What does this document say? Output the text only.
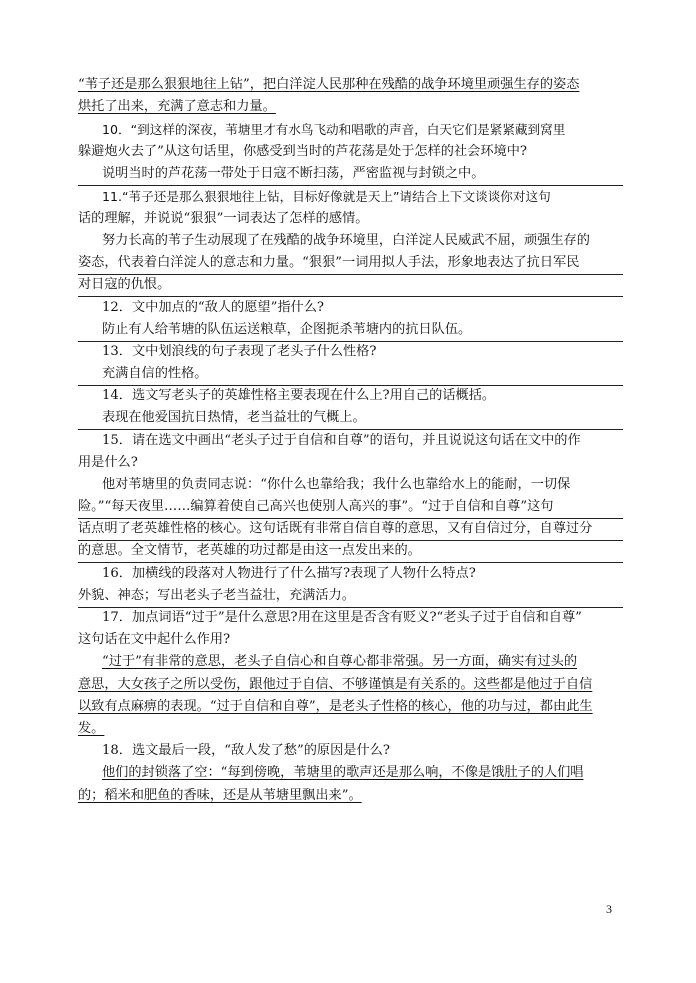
“苇子还是那么狠狠地往上钻”，把白洋淀人民那种在残酷的战争环境里顽强生存的姿态
烘托了出来，充满了意志和力量。
10．“到这样的深夜，苇塘里才有水鸟飞动和唱歌的声音，白天它们是紧紧藏到窝里
躲避炮火去了”从这句话里，你感受到当时的芦花荡是处于怎样的社会环境中?
说明当时的芦花荡一带处于日寇不断扫荡，严密监视与封锁之中。
11.“苇子还是那么狠狠地往上钻，目标好像就是天上”请结合上下文谈谈你对这句
话的理解，并说说“狠狠”一词表达了怎样的感情。
努力长高的苇子生动展现了在残酷的战争环境里，白洋淀人民威武不屈，顽强生存的
姿态，代表着白洋淀人的意志和力量。“狠狠”一词用拟人手法，形象地表达了抗日军民
对日寇的仇恨。
12．文中加点的“敌人的愿望”指什么?
防止有人给苇塘的队伍运送粮草，企图扼杀苇塘内的抗日队伍。
13．文中划浪线的句子表现了老头子什么性格?
充满自信的性格。
14．选文写老头子的英雄性格主要表现在什么上?用自己的话概括。
表现在他爱国抗日热情，老当益壮的气概上。
15．请在选文中画出“老头子过于自信和自尊”的语句，并且说说这句话在文中的作
用是什么?
他对苇塘里的负责同志说：“你什么也靠给我；我什么也靠给水上的能耐，一切保
险。”“每天夜里……编算着使自己高兴也使别人高兴的事”。“过于自信和自尊”这句
话点明了老英雄性格的核心。这句话既有非常自信自尊的意思，又有自信过分，自尊过分
的意思。全文情节，老英雄的功过都是由这一点发出来的。
16．加横线的段落对人物进行了什么描写?表现了人物什么特点?
外貌、神态；写出老头子老当益壮，充满活力。
17．加点词语“过于”是什么意思?用在这里是否含有贬义?“老头子过于自信和自尊”
这句话在文中起什么作用?
“过于”有非常的意思，老头子自信心和自尊心都非常强。另一方面，确实有过头的
意思，大女孩子之所以受伤，跟他过于自信、不够谨慎是有关系的。这些都是他过于自信
以致有点麻痹的表现。“过于自信和自尊”，是老头子性格的核心，他的功与过，都由此生
发。
18．选文最后一段，“敌人发了愁”的原因是什么?
他们的封锁落了空：“每到傍晚，苇塘里的歌声还是那么响，不像是饿肚子的人们唱
的；稻米和肥鱼的香味，还是从苇塘里飘出来”。
3
